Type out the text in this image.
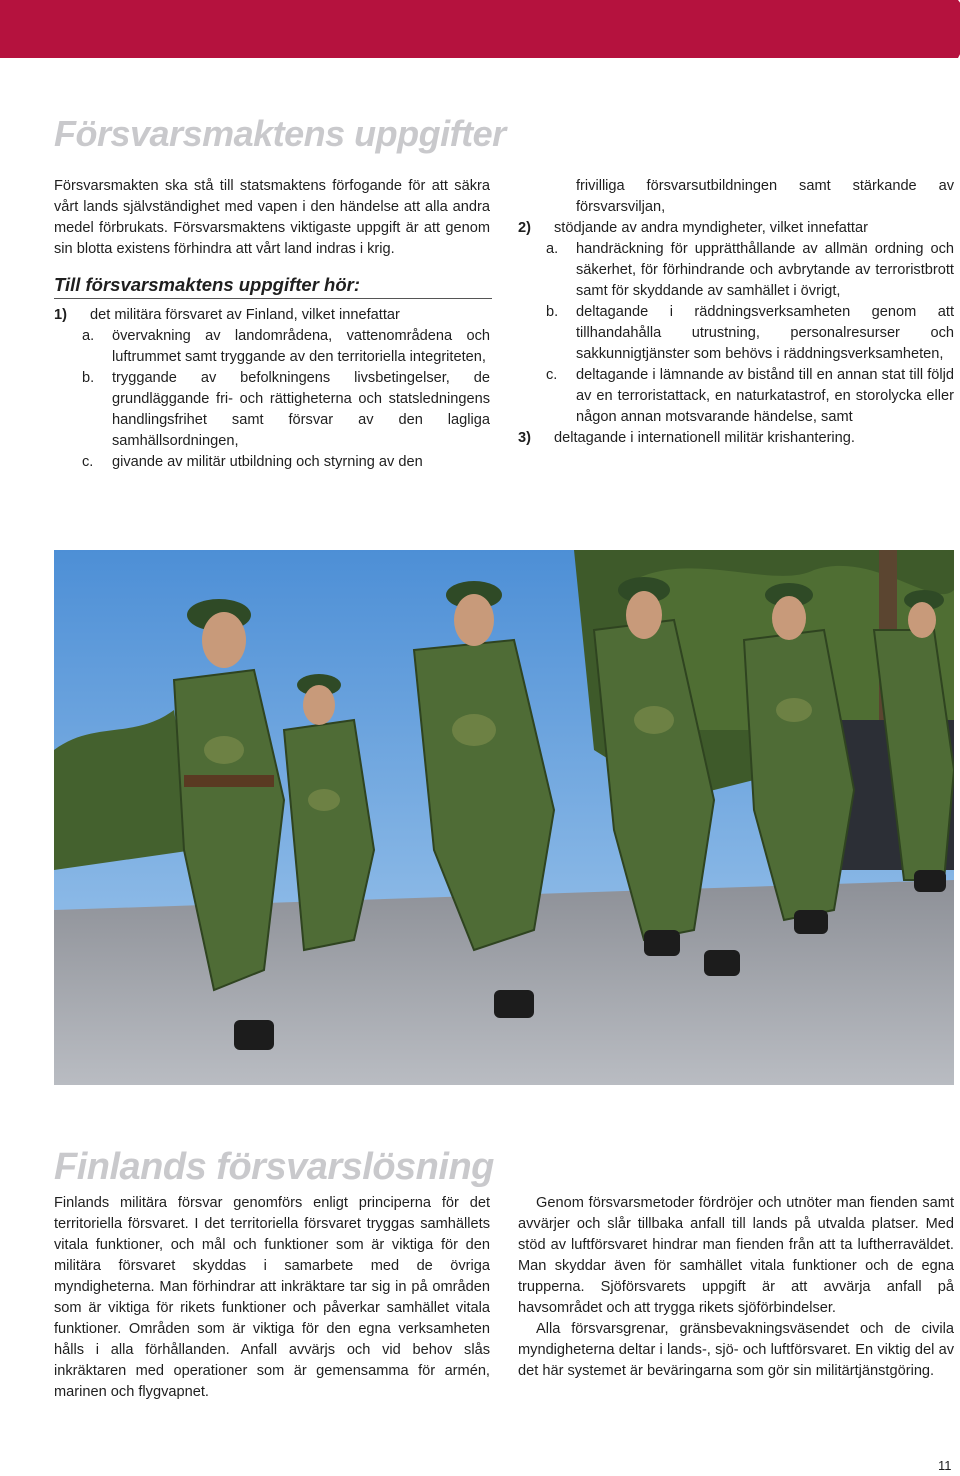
Försvarsmaktens uppgifter

Försvarsmakten ska stå till statsmaktens förfogande för att säkra vårt lands självständighet med vapen i den händelse att alla andra medel förbrukats. Försvarsmaktens viktigaste uppgift är att genom sin blotta existens förhindra att vårt land indras i krig.

Till försvarsmaktens uppgifter hör:

1)	det militära försvaret av Finland, vilket innefattar
a.	övervakning av landområdena, vattenområdena och luftrummet samt tryggande av den territoriella integriteten,
b.	tryggande av befolkningens livsbetingelser, de grundläggande fri- och rättigheterna och statsledningens handlingsfrihet samt försvar av den lagliga samhällsordningen,
c.	givande av militär utbildning och styrning av den

frivilliga försvarsutbildningen samt stärkande av försvarsviljan,

2)	stödjande av andra myndigheter, vilket innefattar
a.	handräckning för upprätthållande av allmän ordning och säkerhet, för förhindrande och avbrytande av terroristbrott samt för skyddande av samhället i övrigt,
b.	deltagande i räddningsverksamheten genom att tillhandahålla utrustning, personalresurser och sakkunnigtjänster som behövs i räddningsverksamheten,
c.	deltagande i lämnande av bistånd till en annan stat till följd av en terroristattack, en naturkatastrof, en storolycka eller någon annan motsvarande händelse, samt
3)	deltagande i internationell militär krishantering.
Finlands försvarslösning

Finlands militära försvar genomförs enligt principerna för det territoriella försvaret. I det territoriella försvaret tryggas samhällets vitala funktioner, och mål och funktioner som är viktiga för den militära försvaret skyddas i samarbete med de övriga myndigheterna. Man förhindrar att inkräktare tar sig in på områden som är viktiga för rikets funktioner och påverkar samhället vitala funktioner. Områden som är viktiga för den egna verksamheten hålls i alla förhållanden. Anfall avvärjs och vid behov slås inkräktaren med operationer som är gemensamma för armén, marinen och flygvapnet.

Genom försvarsmetoder fördröjer och utnöter man fienden samt avvärjer och slår tillbaka anfall till lands på utvalda platser. Med stöd av luftförsvaret hindrar man fienden från att ta luftherraväldet. Man skyddar även för samhället vitala funktioner och de egna trupperna. Sjöförsvarets uppgift är att avvärja anfall på havsområdet och att trygga rikets sjöförbindelser.

Alla försvarsgrenar, gränsbevakningsväsendet och de civila myndigheterna deltar i lands-, sjö- och luftförsvaret. En viktig del av det här systemet är beväringarna som gör sin militärtjänstgöring.

11
